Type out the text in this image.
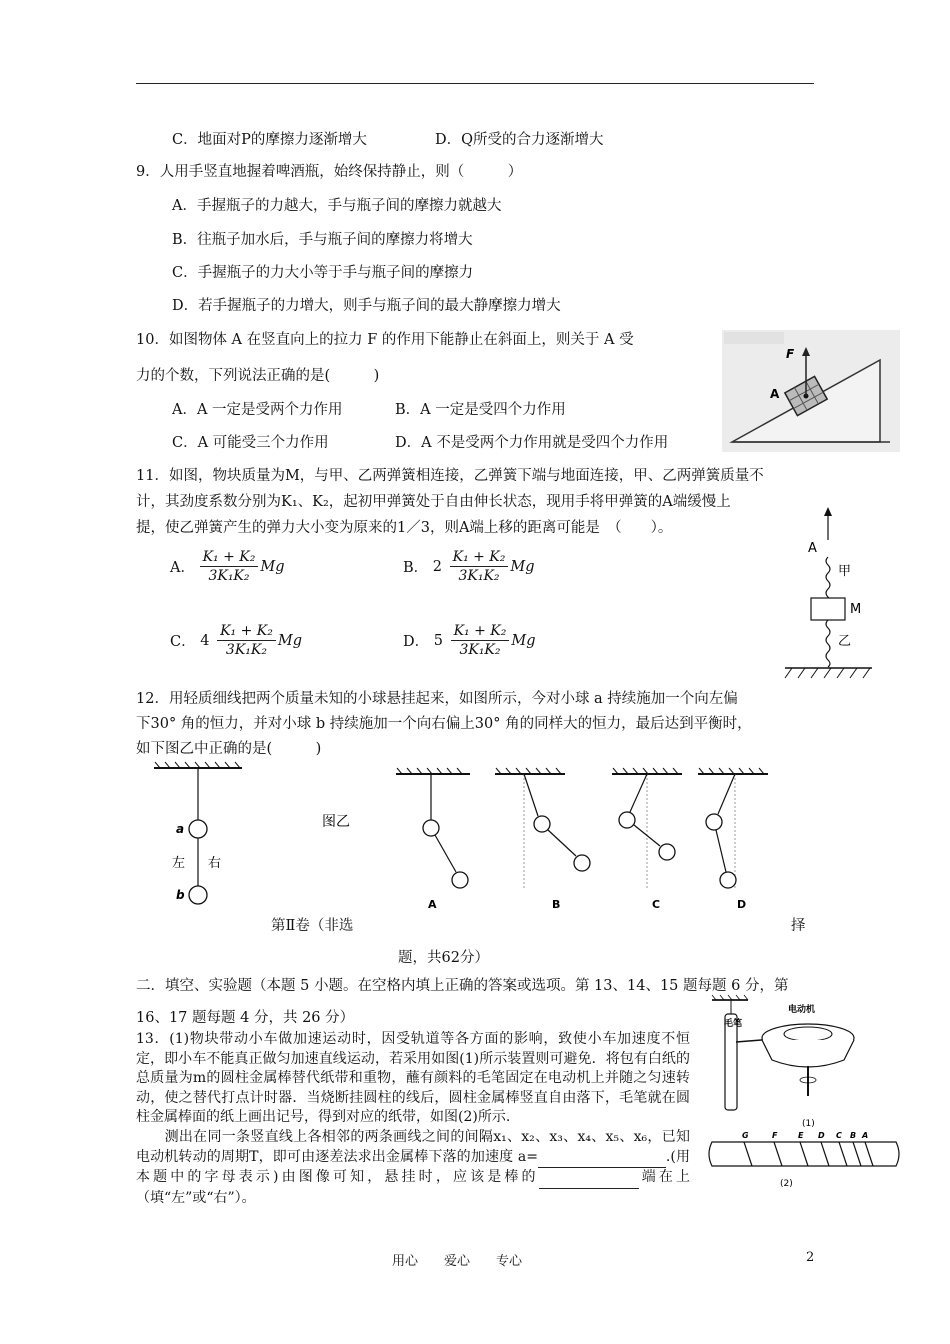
C．地面对P的摩擦力逐渐增大	D．Q所受的合力逐渐增大
9．人用手竖直地握着啤酒瓶，始终保持静止，则（　　　）
A．手握瓶子的力越大，手与瓶子间的摩擦力就越大
B．往瓶子加水后，手与瓶子间的摩擦力将增大
C．手握瓶子的力大小等于手与瓶子间的摩擦力
D．若手握瓶子的力增大，则手与瓶子间的最大静摩擦力增大
10．如图物体 A 在竖直向上的拉力 F 的作用下能静止在斜面上，则关于 A 受
力的个数，下列说法正确的是(　　　)
A．A 一定是受两个力作用	B．A 一定是受四个力作用
C．A 可能受三个力作用	D．A 不是受两个力作用就是受四个力作用
F
A
11．如图，物块质量为M，与甲、乙两弹簧相连接，乙弹簧下端与地面连接，甲、乙两弹簧质量不
计，其劲度系数分别为K₁、K₂，起初甲弹簧处于自由伸长状态，现用手将甲弹簧的A端缓慢上
提，使乙弹簧产生的弹力大小变为原来的1／3，则A端上移的距离可能是　（　　）。
A． $\frac{\text{K₁ + K₂}}{\text{3K₁K₂}}$ Mg	B． $2 \frac{\text{K₁ + K₂}}{\text{3K₁K₂}}$ Mg
C． $4 \frac{\text{K₁ + K₂}}{\text{3K₁K₂}}$ Mg	D． $5 \frac{\text{K₁ + K₂}}{\text{3K₁K₂}}$ Mg
A
甲
M
乙
12．用轻质细线把两个质量未知的小球悬挂起来，如图所示，今对小球 a 持续施加一个向左偏
下30° 角的恒力，并对小球 b 持续施加一个向右偏上30° 角的同样大的恒力，最后达到平衡时，
如下图乙中正确的是(　　　)
a
b
左 右
图乙
A	B	C	D
第Ⅱ卷（非选	择
题，共62分）
二．填空、实验题（本题 5 小题。在空格内填上正确的答案或选项。第 13、14、15 题每题 6 分，第
16、17 题每题 4 分，共 26 分）
13．(1)物块带动小车做加速运动时，因受轨道等各方面的影响，致使小车加速度不恒定，即小车不能真正做匀加速直线运动，若采用如图(1)所示装置则可避免．将包有白纸的总质量为m的圆柱金属棒替代纸带和重物，蘸有颜料的毛笔固定在电动机上并随之匀速转动，使之替代打点计时器．当烧断挂圆柱的线后，圆柱金属棒竖直自由落下，毛笔就在圆柱金属棒面的纸上画出记号，得到对应的纸带，如图(2)所示.
　　测出在同一条竖直线上各相邻的两条画线之间的间隔x₁、x₂、x₃、x₄、x₅、x₆，已知电动机转动的周期T，即可由逐差法求出金属棒下落的加速度 a=	.(用本题中的字母表示)由图像可知，悬挂时，应该是棒的	端在上（填“左”或“右”）。
毛笔
电动机
(1)
G	F	E D C B A
(2)
用心　　爱心　　专心	2
